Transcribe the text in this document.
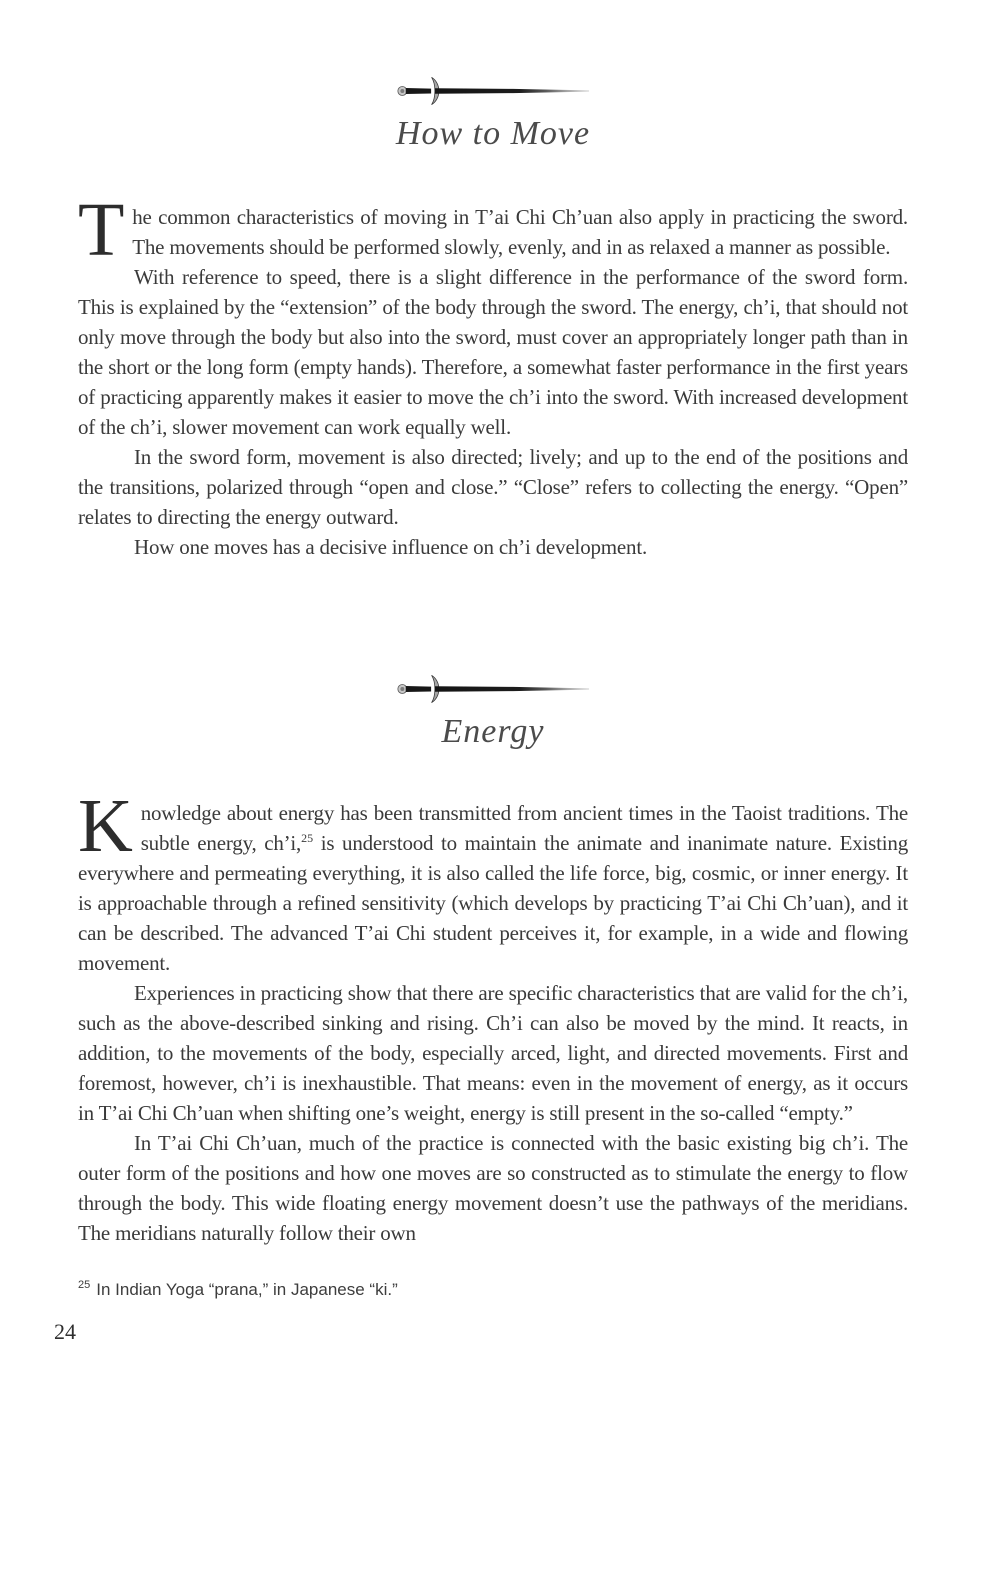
How to Move

The common characteristics of moving in T’ai Chi Ch’uan also apply in practicing the sword. The movements should be performed slowly, evenly, and in as relaxed a manner as possible.

With reference to speed, there is a slight difference in the performance of the sword form. This is explained by the “extension” of the body through the sword. The energy, ch’i, that should not only move through the body but also into the sword, must cover an appropriately longer path than in the short or the long form (empty hands). Therefore, a somewhat faster performance in the first years of practicing apparently makes it easier to move the ch’i into the sword. With increased development of the ch’i, slower movement can work equally well.

In the sword form, movement is also directed; lively; and up to the end of the positions and the transitions, polarized through “open and close.” “Close” refers to collecting the energy. “Open” relates to directing the energy outward.

How one moves has a decisive influence on ch’i development.

Energy

Knowledge about energy has been transmitted from ancient times in the Taoist traditions. The subtle energy, ch’i,$^{25}$ is understood to maintain the animate and inanimate nature. Existing everywhere and permeating everything, it is also called the life force, big, cosmic, or inner energy. It is approachable through a refined sensitivity (which develops by practicing T’ai Chi Ch’uan), and it can be described. The advanced T’ai Chi student perceives it, for example, in a wide and flowing movement.

Experiences in practicing show that there are specific characteristics that are valid for the ch’i, such as the above-described sinking and rising. Ch’i can also be moved by the mind. It reacts, in addition, to the movements of the body, especially arced, light, and directed movements. First and foremost, however, ch’i is inexhaustible. That means: even in the movement of energy, as it occurs in T’ai Chi Ch’uan when shifting one’s weight, energy is still present in the so-called “empty.”

In T’ai Chi Ch’uan, much of the practice is connected with the basic existing big ch’i. The outer form of the positions and how one moves are so constructed as to stimulate the energy to flow through the body. This wide floating energy movement doesn’t use the pathways of the meridians. The meridians naturally follow their own

$^{25}$ In Indian Yoga “prana,” in Japanese “ki.”
24
